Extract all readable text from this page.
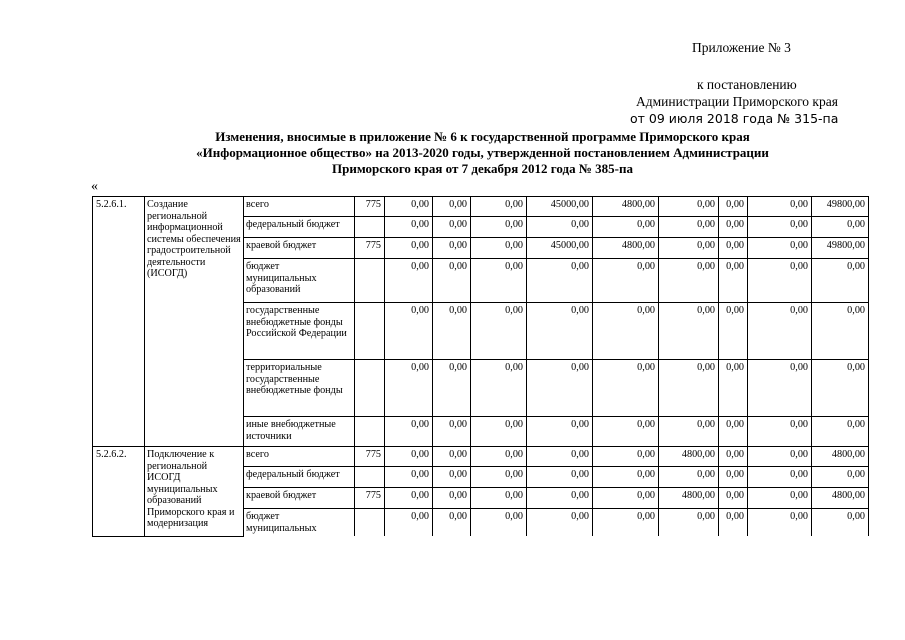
Приложение № 3
к постановлению
Администрации Приморского края
от 09 июля 2018 года № 315-па
Изменения, вносимые в приложение № 6 к государственной программе Приморского края
«Информационное общество» на 2013-2020 годы, утвержденной постановлением Администрации
Приморского края от 7 декабря 2012 года № 385-па
«
5.2.6.1.	Создание региональной информационной системы обеспечения градостроительной деятельности (ИСОГД)	всего	775	0,00	0,00	0,00	45000,00	4800,00	0,00	0,00	0,00	49800,00
		федеральный бюджет		0,00	0,00	0,00	0,00	0,00	0,00	0,00	0,00	0,00
		краевой бюджет	775	0,00	0,00	0,00	45000,00	4800,00	0,00	0,00	0,00	49800,00
		бюджет муниципальных образований		0,00	0,00	0,00	0,00	0,00	0,00	0,00	0,00	0,00
		государственные внебюджетные фонды Российской Федерации		0,00	0,00	0,00	0,00	0,00	0,00	0,00	0,00	0,00
		территориальные государственные внебюджетные фонды		0,00	0,00	0,00	0,00	0,00	0,00	0,00	0,00	0,00
		иные внебюджетные источники		0,00	0,00	0,00	0,00	0,00	0,00	0,00	0,00	0,00
5.2.6.2.	Подключение к региональной ИСОГД муниципальных образований Приморского края и модернизация	всего	775	0,00	0,00	0,00	0,00	0,00	4800,00	0,00	0,00	4800,00
		федеральный бюджет		0,00	0,00	0,00	0,00	0,00	0,00	0,00	0,00	0,00
		краевой бюджет	775	0,00	0,00	0,00	0,00	0,00	4800,00	0,00	0,00	4800,00
		бюджет муниципальных		0,00	0,00	0,00	0,00	0,00	0,00	0,00	0,00	0,00
